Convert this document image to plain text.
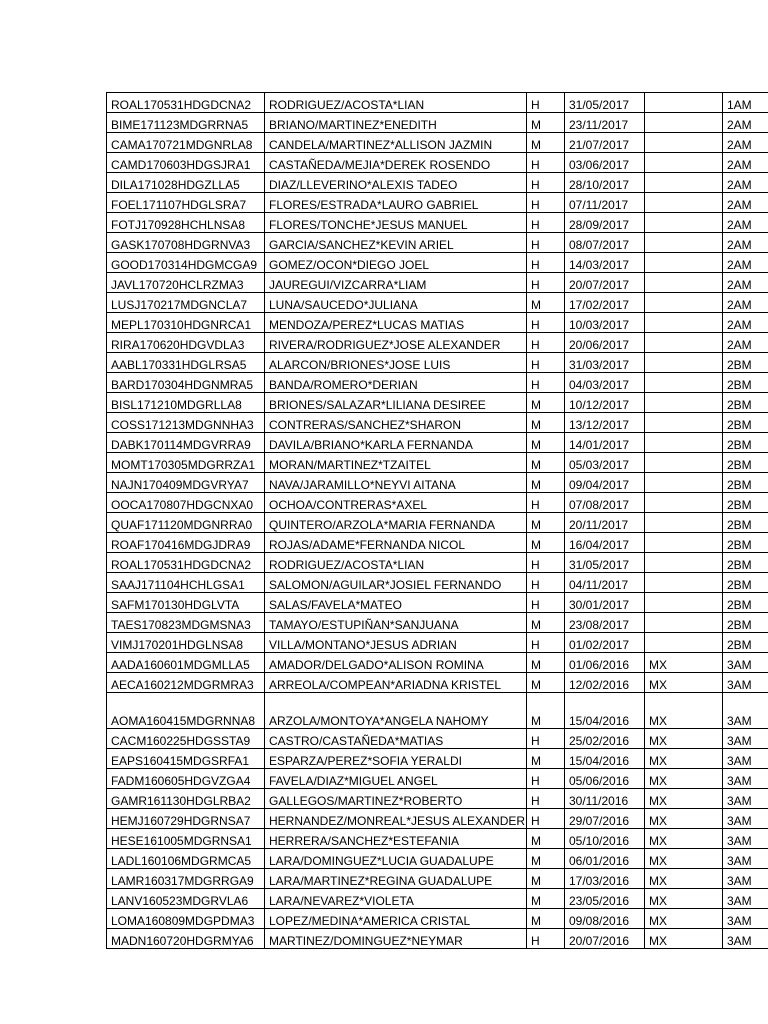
ROAL170531HDGDCNA2	RODRIGUEZ/ACOSTA*LIAN	H	31/05/2017		1AM
BIME171123MDGRRNA5	BRIANO/MARTINEZ*ENEDITH	M	23/11/2017		2AM
CAMA170721MDGNRLA8	CANDELA/MARTINEZ*ALLISON JAZMIN	M	21/07/2017		2AM
CAMD170603HDGSJRA1	CASTAÑEDA/MEJIA*DEREK ROSENDO	H	03/06/2017		2AM
DILA171028HDGZLLA5	DIAZ/LLEVERINO*ALEXIS TADEO	H	28/10/2017		2AM
FOEL171107HDGLSRA7	FLORES/ESTRADA*LAURO GABRIEL	H	07/11/2017		2AM
FOTJ170928HCHLNSA8	FLORES/TONCHE*JESUS MANUEL	H	28/09/2017		2AM
GASK170708HDGRNVA3	GARCIA/SANCHEZ*KEVIN ARIEL	H	08/07/2017		2AM
GOOD170314HDGMCGA9	GOMEZ/OCON*DIEGO JOEL	H	14/03/2017		2AM
JAVL170720HCLRZMA3	JAUREGUI/VIZCARRA*LIAM	H	20/07/2017		2AM
LUSJ170217MDGNCLA7	LUNA/SAUCEDO*JULIANA	M	17/02/2017		2AM
MEPL170310HDGNRCA1	MENDOZA/PEREZ*LUCAS MATIAS	H	10/03/2017		2AM
RIRA170620HDGVDLA3	RIVERA/RODRIGUEZ*JOSE ALEXANDER	H	20/06/2017		2AM
AABL170331HDGLRSA5	ALARCON/BRIONES*JOSE LUIS	H	31/03/2017		2BM
BARD170304HDGNMRA5	BANDA/ROMERO*DERIAN	H	04/03/2017		2BM
BISL171210MDGRLLA8	BRIONES/SALAZAR*LILIANA DESIREE	M	10/12/2017		2BM
COSS171213MDGNNHA3	CONTRERAS/SANCHEZ*SHARON	M	13/12/2017		2BM
DABK170114MDGVRRA9	DAVILA/BRIANO*KARLA FERNANDA	M	14/01/2017		2BM
MOMT170305MDGRRZA1	MORAN/MARTINEZ*TZAITEL	M	05/03/2017		2BM
NAJN170409MDGVRYA7	NAVA/JARAMILLO*NEYVI AITANA	M	09/04/2017		2BM
OOCA170807HDGCNXA0	OCHOA/CONTRERAS*AXEL	H	07/08/2017		2BM
QUAF171120MDGNRRA0	QUINTERO/ARZOLA*MARIA FERNANDA	M	20/11/2017		2BM
ROAF170416MDGJDRA9	ROJAS/ADAME*FERNANDA NICOL	M	16/04/2017		2BM
ROAL170531HDGDCNA2	RODRIGUEZ/ACOSTA*LIAN	H	31/05/2017		2BM
SAAJ171104HCHLGSA1	SALOMON/AGUILAR*JOSIEL FERNANDO	H	04/11/2017		2BM
SAFM170130HDGLVTA	SALAS/FAVELA*MATEO	H	30/01/2017		2BM
TAES170823MDGMSNA3	TAMAYO/ESTUPIÑAN*SANJUANA	M	23/08/2017		2BM
VIMJ170201HDGLNSA8	VILLA/MONTANO*JESUS ADRIAN	H	01/02/2017		2BM
AADA160601MDGMLLA5	AMADOR/DELGADO*ALISON ROMINA	M	01/06/2016	MX	3AM
AECA160212MDGRMRA3	ARREOLA/COMPEAN*ARIADNA KRISTEL	M	12/02/2016	MX	3AM
AOMA160415MDGRNNA8	ARZOLA/MONTOYA*ANGELA NAHOMY	M	15/04/2016	MX	3AM
CACM160225HDGSSTA9	CASTRO/CASTAÑEDA*MATIAS	H	25/02/2016	MX	3AM
EAPS160415MDGSRFA1	ESPARZA/PEREZ*SOFIA YERALDI	M	15/04/2016	MX	3AM
FADM160605HDGVZGA4	FAVELA/DIAZ*MIGUEL ANGEL	H	05/06/2016	MX	3AM
GAMR161130HDGLRBA2	GALLEGOS/MARTINEZ*ROBERTO	H	30/11/2016	MX	3AM
HEMJ160729HDGRNSA7	HERNANDEZ/MONREAL*JESUS ALEXANDER	H	29/07/2016	MX	3AM
HESE161005MDGRNSA1	HERRERA/SANCHEZ*ESTEFANIA	M	05/10/2016	MX	3AM
LADL160106MDGRMCA5	LARA/DOMINGUEZ*LUCIA GUADALUPE	M	06/01/2016	MX	3AM
LAMR160317MDGRRGA9	LARA/MARTINEZ*REGINA GUADALUPE	M	17/03/2016	MX	3AM
LANV160523MDGRVLA6	LARA/NEVAREZ*VIOLETA	M	23/05/2016	MX	3AM
LOMA160809MDGPDMA3	LOPEZ/MEDINA*AMERICA CRISTAL	M	09/08/2016	MX	3AM
MADN160720HDGRMYA6	MARTINEZ/DOMINGUEZ*NEYMAR	H	20/07/2016	MX	3AM
